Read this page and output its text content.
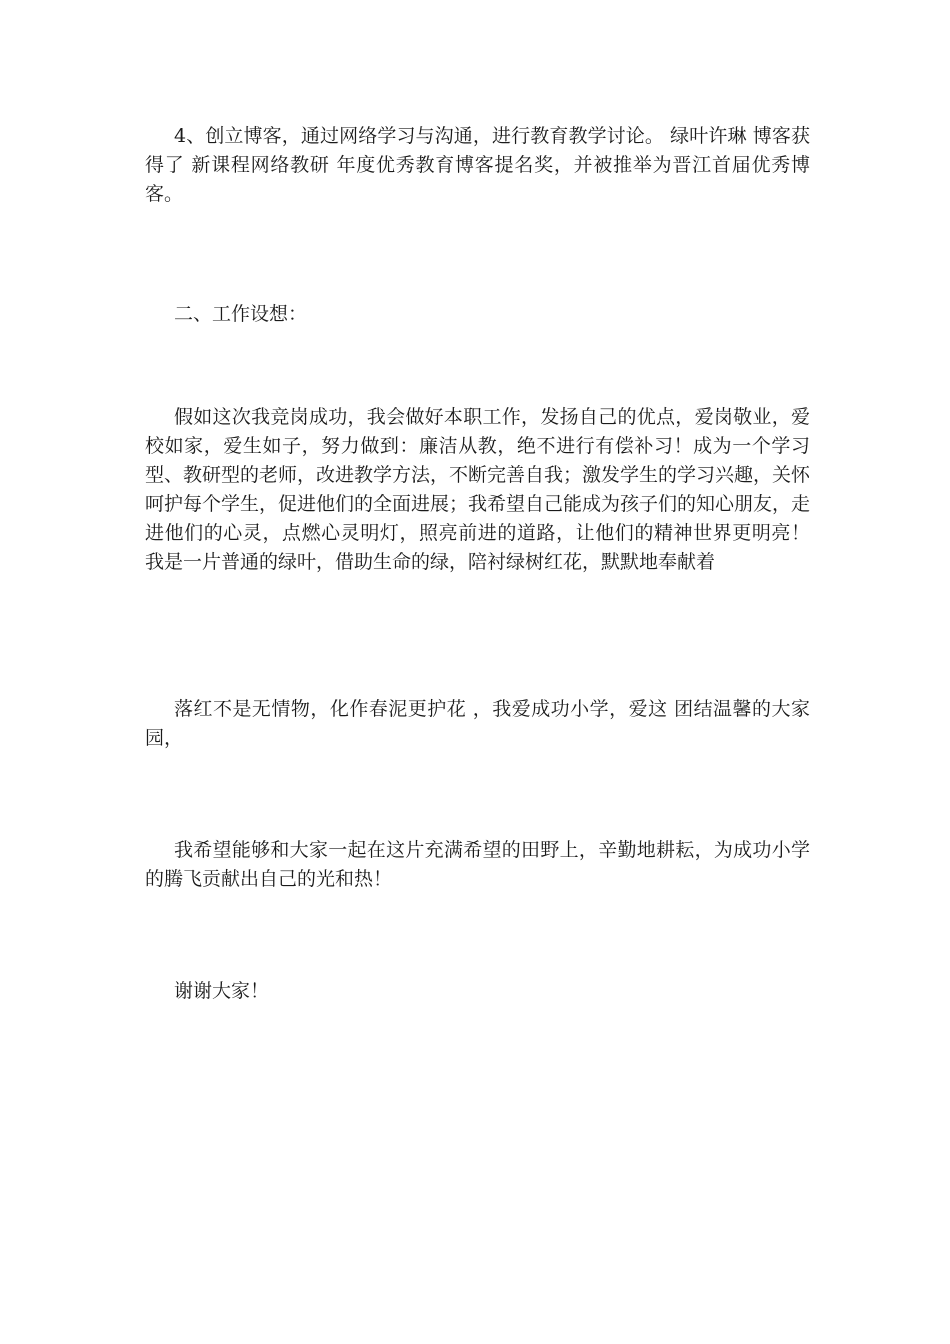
4、创立博客，通过网络学习与沟通，进行教育教学讨论。 绿叶许琳 博客获得了 新课程网络教研 年度优秀教育博客提名奖，并被推举为晋江首届优秀博客。

二、工作设想：

假如这次我竞岗成功，我会做好本职工作，发扬自己的优点，爱岗敬业，爱校如家，爱生如子，努力做到：廉洁从教，绝不进行有偿补习！成为一个学习型、教研型的老师，改进教学方法，不断完善自我；激发学生的学习兴趣，关怀呵护每个学生，促进他们的全面进展；我希望自己能成为孩子们的知心朋友，走进他们的心灵，点燃心灵明灯，照亮前进的道路，让他们的精神世界更明亮！ 我是一片普通的绿叶，借助生命的绿，陪衬绿树红花，默默地奉献着

落红不是无情物，化作春泥更护花 ，我爱成功小学，爱这 团结温馨的大家园，

我希望能够和大家一起在这片充满希望的田野上，辛勤地耕耘，为成功小学的腾飞贡献出自己的光和热！

谢谢大家！
